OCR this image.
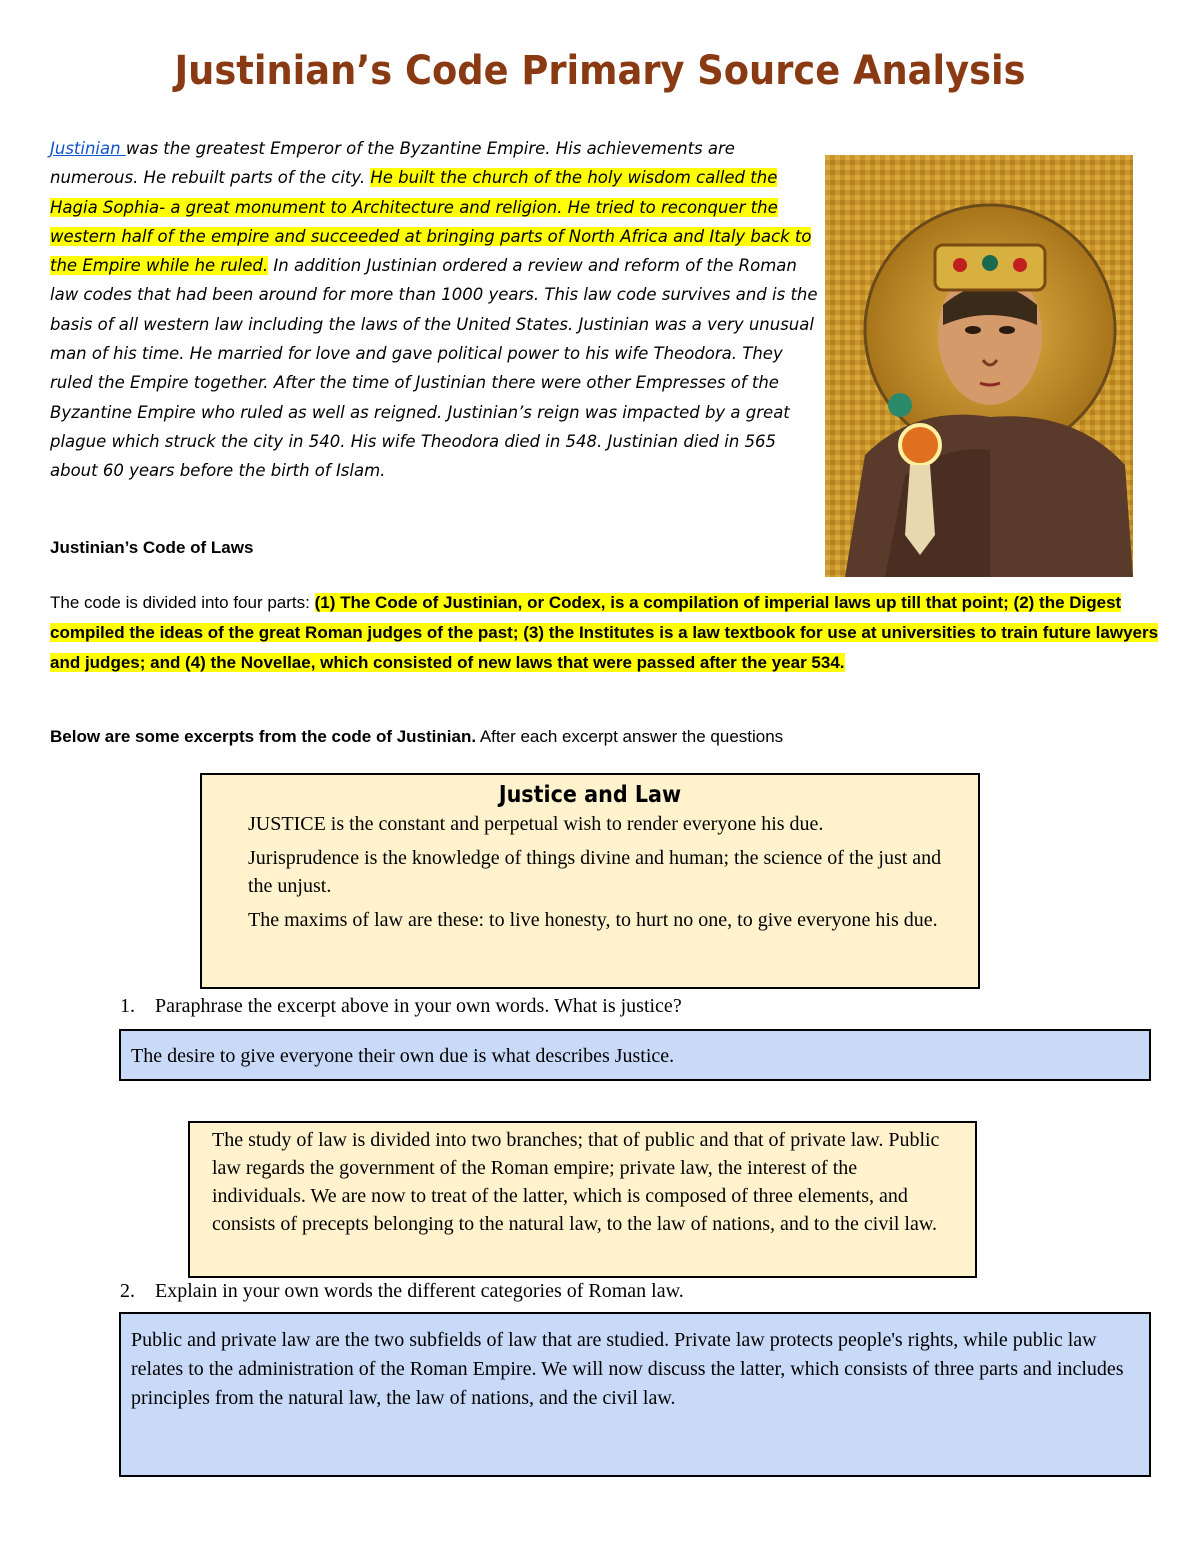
Justinian’s Code Primary Source Analysis
Justinian was the greatest Emperor of the Byzantine Empire. His achievements are numerous. He rebuilt parts of the city. He built the church of the holy wisdom called the Hagia Sophia- a great monument to Architecture and religion. He tried to reconquer the western half of the empire and succeeded at bringing parts of North Africa and Italy back to the Empire while he ruled. In addition Justinian ordered a review and reform of the Roman law codes that had been around for more than 1000 years. This law code survives and is the basis of all western law including the laws of the United States. Justinian was a very unusual man of his time. He married for love and gave political power to his wife Theodora. They ruled the Empire together. After the time of Justinian there were other Empresses of the Byzantine Empire who ruled as well as reigned. Justinian’s reign was impacted by a great plague which struck the city in 540. His wife Theodora died in 548. Justinian died in 565 about 60 years before the birth of Islam.
Justinian’s Code of Laws
The code is divided into four parts: (1) The Code of Justinian, or Codex, is a compilation of imperial laws up till that point; (2) the Digest compiled the ideas of the great Roman judges of the past; (3) the Institutes is a law textbook for use at universities to train future lawyers and judges; and (4) the Novellae, which consisted of new laws that were passed after the year 534.
Below are some excerpts from the code of Justinian. After each excerpt answer the questions
Justice and Law

JUSTICE is the constant and perpetual wish to render everyone his due.

Jurisprudence is the knowledge of things divine and human; the science of the just and the unjust.

The maxims of law are these: to live honesty, to hurt no one, to give everyone his due.

1. Paraphrase the excerpt above in your own words. What is justice?
The desire to give everyone their own due is what describes Justice.
The study of law is divided into two branches; that of public and that of private law. Public law regards the government of the Roman empire; private law, the interest of the individuals. We are now to treat of the latter, which is composed of three elements, and consists of precepts belonging to the natural law, to the law of nations, and to the civil law.
2. Explain in your own words the different categories of Roman law.
Public and private law are the two subfields of law that are studied. Private law protects people's rights, while public law relates to the administration of the Roman Empire. We will now discuss the latter, which consists of three parts and includes principles from the natural law, the law of nations, and the civil law.
